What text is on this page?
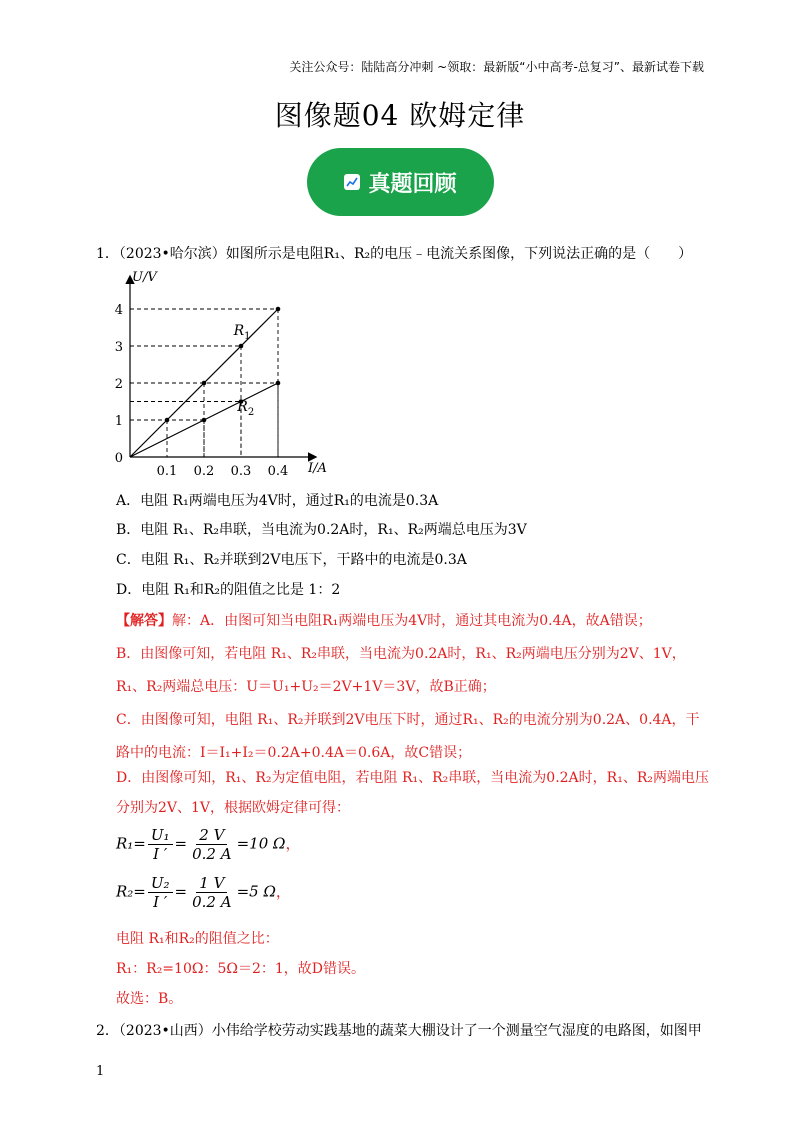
关注公众号：陆陆高分冲刺 ~领取：最新版“小中高考-总复习”、最新试卷下载
图像题04 欧姆定律
真题回顾
1．（2023•哈尔滨）如图所示是电阻R₁、R₂的电压﹣电流关系图像，下列说法正确的是（　　）
$R_1$
$R_2$
0.1 0.2 0.3 0.4
1
2
3
4
0
I/A
U/V
A．电阻 R₁两端电压为4V时，通过R₁的电流是0.3A
B．电阻 R₁、R₂串联，当电流为0.2A时，R₁、R₂两端总电压为3V
C．电阻 R₁、R₂并联到2V电压下，干路中的电流是0.3A
D．电阻 R₁和R₂的阻值之比是 1：2
【解答】解：A．由图可知当电阻R₁两端电压为4V时，通过其电流为0.4A，故A错误；
B．由图像可知，若电阻 R₁、R₂串联，当电流为0.2A时，R₁、R₂两端电压分别为2V、1V，
R₁、R₂两端总电压：U＝U₁+U₂＝2V+1V＝3V，故B正确；
C．由图像可知，电阻 R₁、R₂并联到2V电压下时，通过R₁、R₂的电流分别为0.2A、0.4A，干
路中的电流：I＝I₁+I₂＝0.2A+0.4A＝0.6A，故C错误；
D．由图像可知，R₁、R₂为定值电阻，若电阻 R₁、R₂串联，当电流为0.2A时，R₁、R₂两端电压
分别为2V、1V，根据欧姆定律可得：
$R_1= \frac{\text{U₁}}{I '} = \frac{2 V}{0.2 A} =10$ Ω，
$R_2= \frac{\text{U₂}}{I '} = \frac{1 V}{0.2 A} =5$ Ω，
电阻 R₁和R₂的阻值之比：
R₁：R₂=10Ω：5Ω＝2：1，故D错误。
故选：B。
2．（2023•山西）小伟给学校劳动实践基地的蔬菜大棚设计了一个测量空气湿度的电路图，如图甲
1
